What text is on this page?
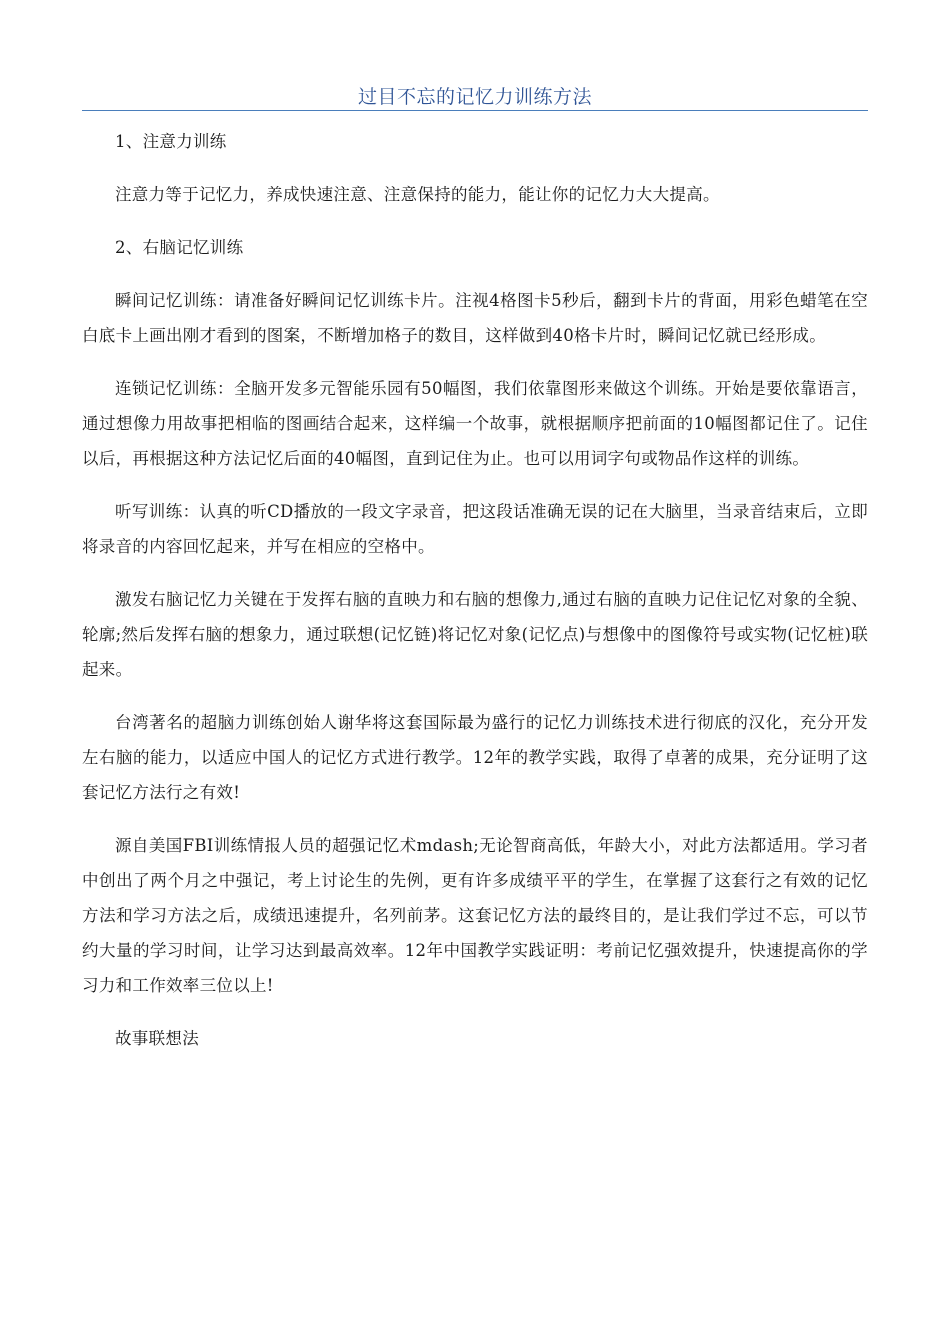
过目不忘的记忆力训练方法

1、注意力训练

注意力等于记忆力，养成快速注意、注意保持的能力，能让你的记忆力大大提高。

2、右脑记忆训练

瞬间记忆训练：请准备好瞬间记忆训练卡片。注视4格图卡5秒后，翻到卡片的背面，用彩色蜡笔在空白底卡上画出刚才看到的图案，不断增加格子的数目，这样做到40格卡片时，瞬间记忆就已经形成。

连锁记忆训练：全脑开发多元智能乐园有50幅图，我们依靠图形来做这个训练。开始是要依靠语言，通过想像力用故事把相临的图画结合起来，这样编一个故事，就根据顺序把前面的10幅图都记住了。记住以后，再根据这种方法记忆后面的40幅图，直到记住为止。也可以用词字句或物品作这样的训练。

听写训练：认真的听CD播放的一段文字录音，把这段话准确无误的记在大脑里，当录音结束后，立即将录音的内容回忆起来，并写在相应的空格中。

激发右脑记忆力关键在于发挥右脑的直映力和右脑的想像力,通过右脑的直映力记住记忆对象的全貌、轮廓;然后发挥右脑的想象力，通过联想(记忆链)将记忆对象(记忆点)与想像中的图像符号或实物(记忆桩)联起来。

台湾著名的超脑力训练创始人谢华将这套国际最为盛行的记忆力训练技术进行彻底的汉化，充分开发左右脑的能力，以适应中国人的记忆方式进行教学。12年的教学实践，取得了卓著的成果，充分证明了这套记忆方法行之有效!

源自美国FBI训练情报人员的超强记忆术mdash;无论智商高低，年龄大小，对此方法都适用。学习者中创出了两个月之中强记，考上讨论生的先例，更有许多成绩平平的学生，在掌握了这套行之有效的记忆方法和学习方法之后，成绩迅速提升，名列前茅。这套记忆方法的最终目的，是让我们学过不忘，可以节约大量的学习时间，让学习达到最高效率。12年中国教学实践证明：考前记忆强效提升，快速提高你的学习力和工作效率三位以上!

故事联想法
